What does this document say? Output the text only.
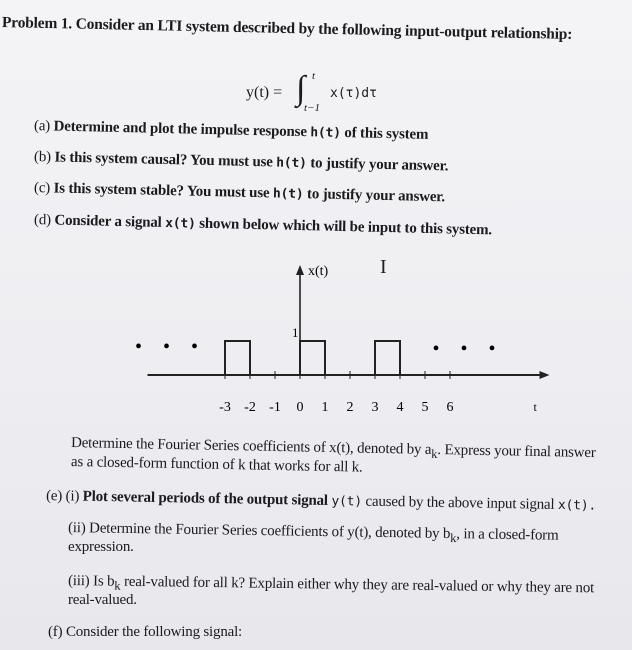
Problem 1. Consider an LTI system described by the following input-output relationship:
y(t) = ∫ t
t−1
x(τ)dτ
(a) Determine and plot the impulse response h(t) of this system
(b) Is this system causal? You must use h(t) to justify your answer.
(c) Is this system stable? You must use h(t) to justify your answer.
(d) Consider a signal x(t) shown below which will be input to this system.
x(t)
t
1
-3 -2 -1 0 1 2 3 4 5 6
• • •	• • •
I
Determine the Fourier Series coefficients of x(t), denoted by $a_k$. Express your final answer
as a closed-form function of k that works for all k.
(e) (i) Plot several periods of the output signal y(t) caused by the above input signal x(t).
(ii) Determine the Fourier Series coefficients of y(t), denoted by $b_k$, in a closed-form
expression.
(iii) Is $b_k$ real-valued for all k? Explain either why they are real-valued or why they are not
real-valued.
(f) Consider the following signal:
